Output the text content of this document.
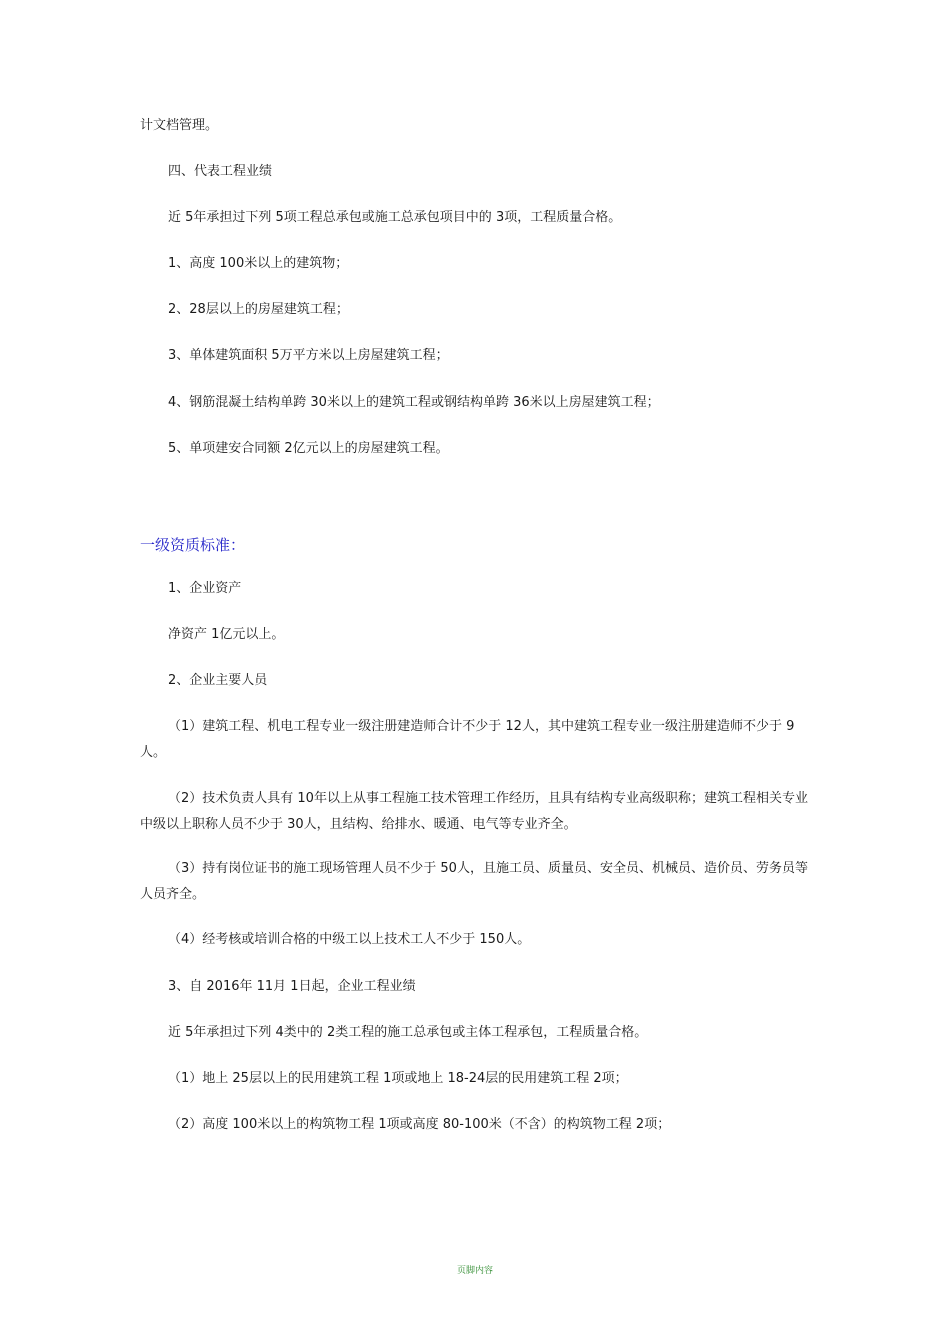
计文档管理。
四、代表工程业绩
近 5年承担过下列 5项工程总承包或施工总承包项目中的 3项，工程质量合格。
1、高度 100米以上的建筑物；
2、28层以上的房屋建筑工程；
3、单体建筑面积 5万平方米以上房屋建筑工程；
4、钢筋混凝土结构单跨 30米以上的建筑工程或钢结构单跨 36米以上房屋建筑工程；
5、单项建安合同额 2亿元以上的房屋建筑工程。
一级资质标准：
1、企业资产
净资产 1亿元以上。
2、企业主要人员
（1）建筑工程、机电工程专业一级注册建造师合计不少于 12人，其中建筑工程专业一级注册建造师不少于 9人。
（2）技术负责人具有 10年以上从事工程施工技术管理工作经历，且具有结构专业高级职称；建筑工程相关专业中级以上职称人员不少于 30人，且结构、给排水、暖通、电气等专业齐全。
（3）持有岗位证书的施工现场管理人员不少于 50人，且施工员、质量员、安全员、机械员、造价员、劳务员等人员齐全。
（4）经考核或培训合格的中级工以上技术工人不少于 150人。
3、自 2016年 11月 1日起，企业工程业绩
近 5年承担过下列 4类中的 2类工程的施工总承包或主体工程承包，工程质量合格。
（1）地上 25层以上的民用建筑工程 1项或地上 18-24层的民用建筑工程 2项；
（2）高度 100米以上的构筑物工程 1项或高度 80-100米（不含）的构筑物工程 2项；
页脚内容
